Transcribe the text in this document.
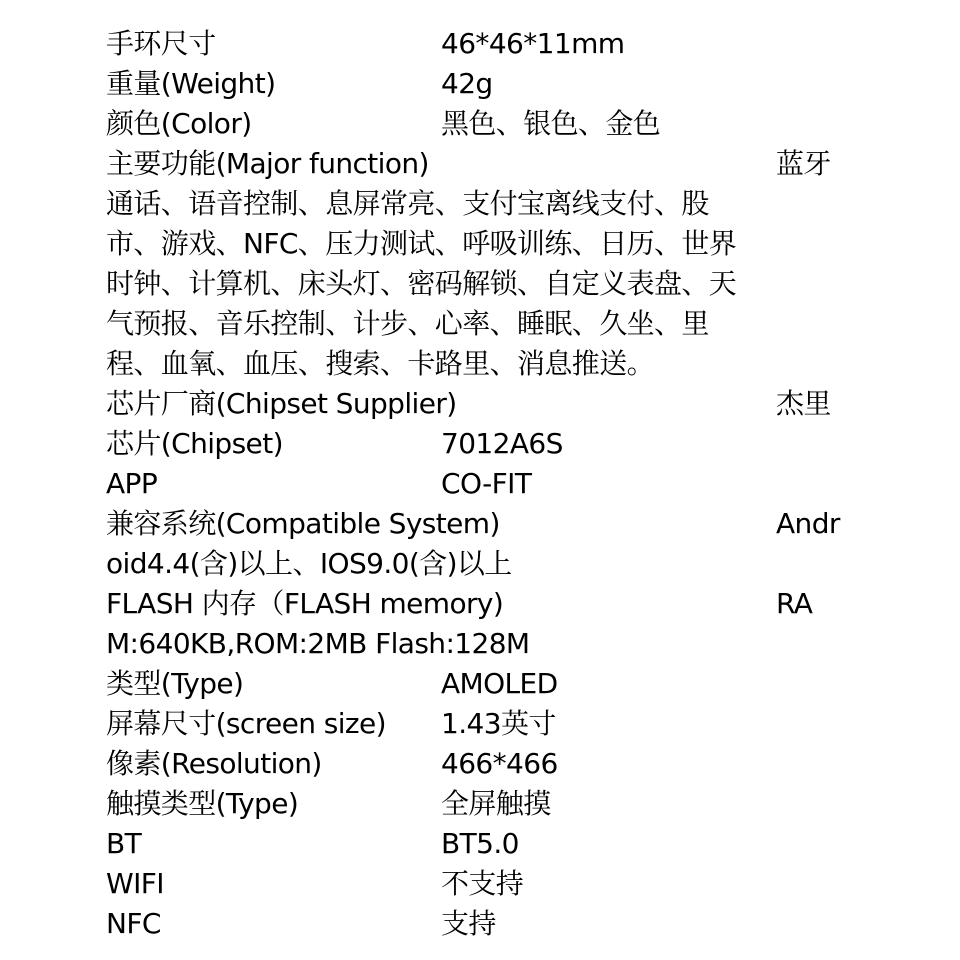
手环尺寸	46*46*11mm
重量(Weight)	42g
颜色(Color)	黑色、银色、金色
主要功能(Major function)	蓝牙
通话、语音控制、息屏常亮、支付宝离线支付、股
市、游戏、NFC、压力测试、呼吸训练、日历、世界
时钟、计算机、床头灯、密码解锁、自定义表盘、天
气预报、音乐控制、计步、心率、睡眠、久坐、里
程、血氧、血压、搜索、卡路里、消息推送。
芯片厂商(Chipset Supplier)	杰里
芯片(Chipset)	7012A6S
APP	CO-FIT
兼容系统(Compatible System)	Andr
oid4.4(含)以上、IOS9.0(含)以上
FLASH 内存（FLASH memory)	RA
M:640KB,ROM:2MB Flash:128M
类型(Type)	AMOLED
屏幕尺寸(screen size) 1.43英寸
像素(Resolution)	466*466
触摸类型(Type)	全屏触摸
BT	BT5.0
WIFI	不支持
NFC	支持
